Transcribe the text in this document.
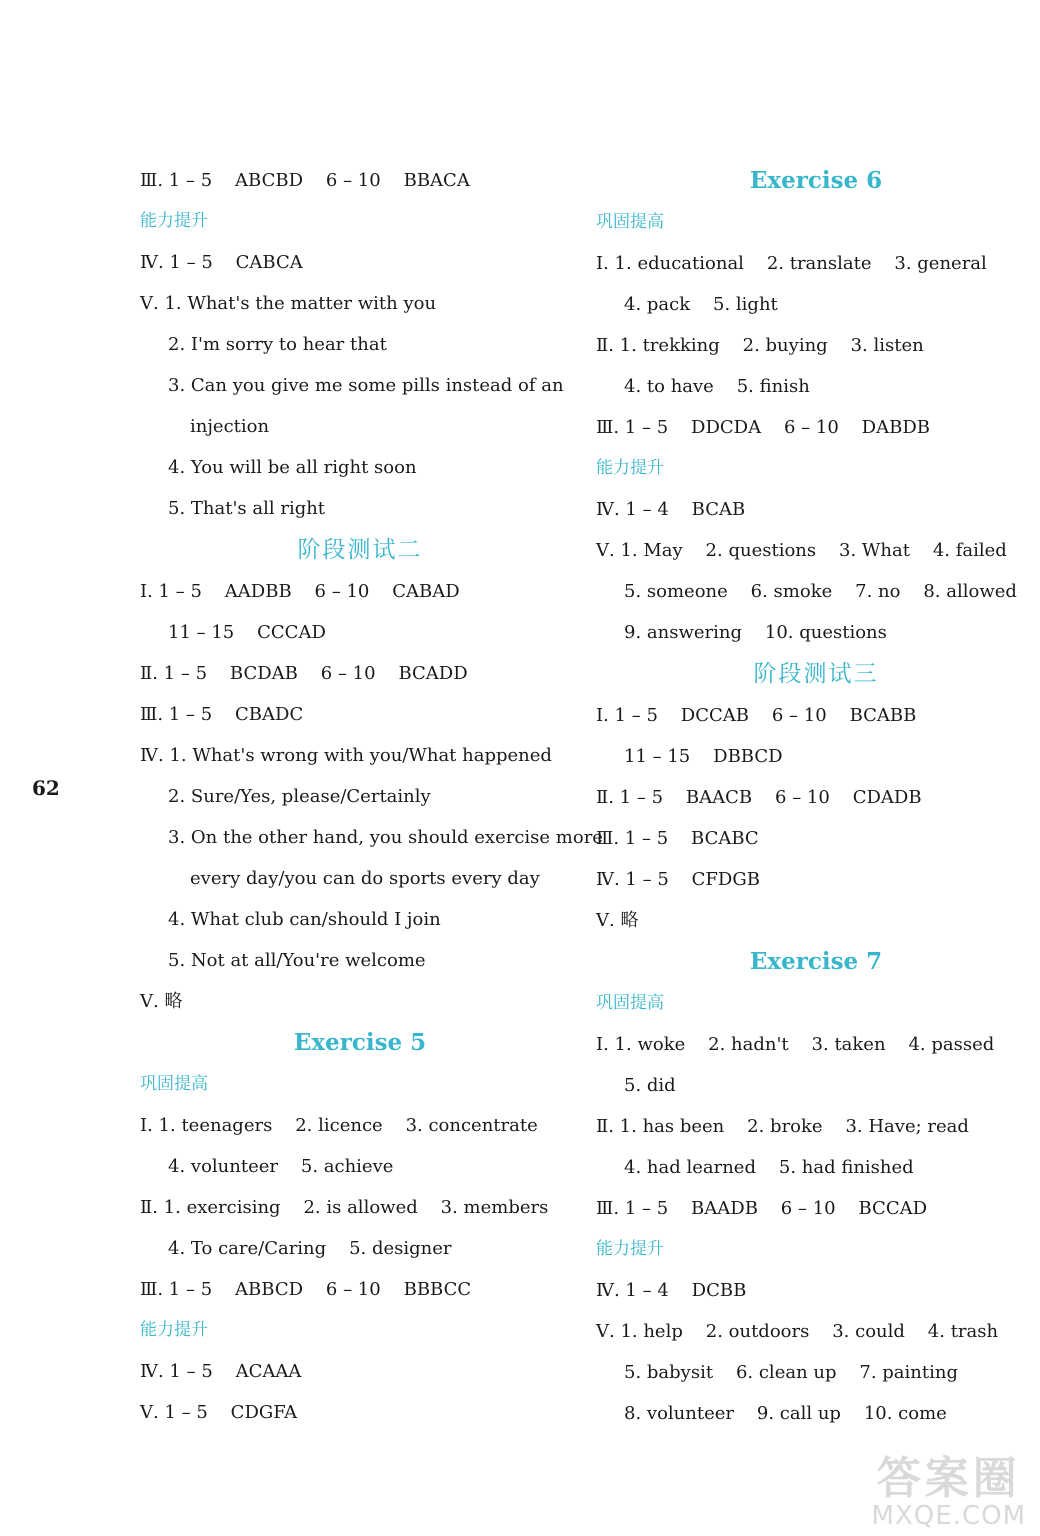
Ⅲ. 1 – 5    ABCBD    6 – 10    BBACA
能力提升
Ⅳ. 1 – 5    CABCA
Ⅴ. 1. What's the matter with you
2. I'm sorry to hear that
3. Can you give me some pills instead of an
injection
4. You will be all right soon
5. That's all right
阶段测试二
Ⅰ. 1 – 5    AADBB    6 – 10    CABAD
11 – 15    CCCAD
Ⅱ. 1 – 5    BCDAB    6 – 10    BCADD
Ⅲ. 1 – 5    CBADC
Ⅳ. 1. What's wrong with you/What happened
2. Sure/Yes, please/Certainly
3. On the other hand, you should exercise more
every day/you can do sports every day
4. What club can/should I join
5. Not at all/You're welcome
Ⅴ. 略
Exercise 5
巩固提高
Ⅰ. 1. teenagers    2. licence    3. concentrate
4. volunteer    5. achieve
Ⅱ. 1. exercising    2. is allowed    3. members
4. To care/Caring    5. designer
Ⅲ. 1 – 5    ABBCD    6 – 10    BBBCC
能力提升
Ⅳ. 1 – 5    ACAAA
Ⅴ. 1 – 5    CDGFA
Exercise 6
巩固提高
Ⅰ. 1. educational    2. translate    3. general
4. pack    5. light
Ⅱ. 1. trekking    2. buying    3. listen
4. to have    5. finish
Ⅲ. 1 – 5    DDCDA    6 – 10    DABDB
能力提升
Ⅳ. 1 – 4    BCAB
Ⅴ. 1. May    2. questions    3. What    4. failed
5. someone    6. smoke    7. no    8. allowed
9. answering    10. questions
阶段测试三
Ⅰ. 1 – 5    DCCAB    6 – 10    BCABB
11 – 15    DBBCD
Ⅱ. 1 – 5    BAACB    6 – 10    CDADB
Ⅲ. 1 – 5    BCABC
Ⅳ. 1 – 5    CFDGB
Ⅴ. 略
Exercise 7
巩固提高
Ⅰ. 1. woke    2. hadn't    3. taken    4. passed
5. did
Ⅱ. 1. has been    2. broke    3. Have; read
4. had learned    5. had finished
Ⅲ. 1 – 5    BAADB    6 – 10    BCCAD
能力提升
Ⅳ. 1 – 4    DCBB
Ⅴ. 1. help    2. outdoors    3. could    4. trash
5. babysit    6. clean up    7. painting
8. volunteer    9. call up    10. come
62
答案圈
MXQE.COM
